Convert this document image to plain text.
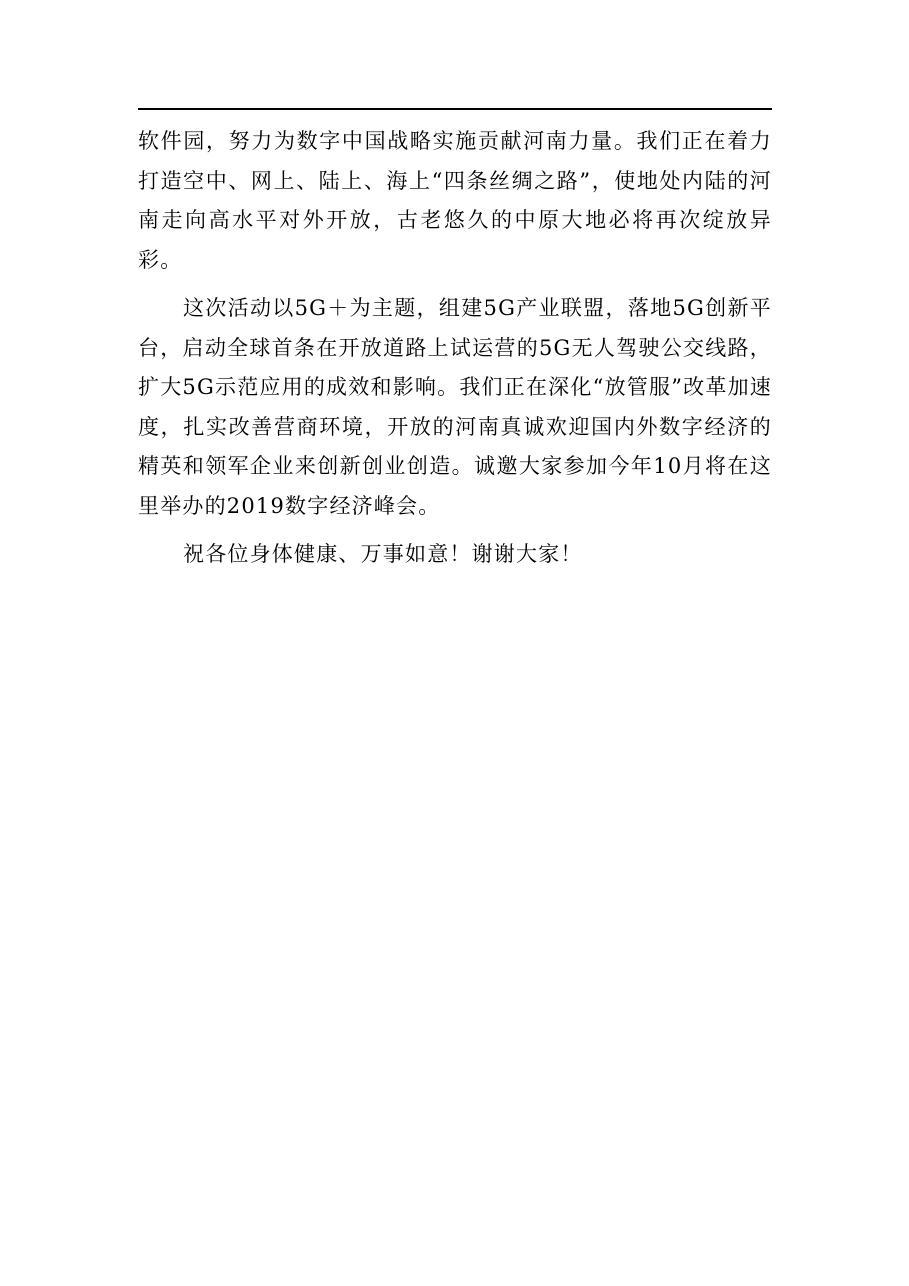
软件园，努力为数字中国战略实施贡献河南力量。我们正在着力打造空中、网上、陆上、海上“四条丝绸之路”，使地处内陆的河南走向高水平对外开放，古老悠久的中原大地必将再次绽放异彩。

这次活动以5G＋为主题，组建5G产业联盟，落地5G创新平台，启动全球首条在开放道路上试运营的5G无人驾驶公交线路，扩大5G示范应用的成效和影响。我们正在深化“放管服”改革加速度，扎实改善营商环境，开放的河南真诚欢迎国内外数字经济的精英和领军企业来创新创业创造。诚邀大家参加今年10月将在这里举办的2019数字经济峰会。

祝各位身体健康、万事如意！谢谢大家！
